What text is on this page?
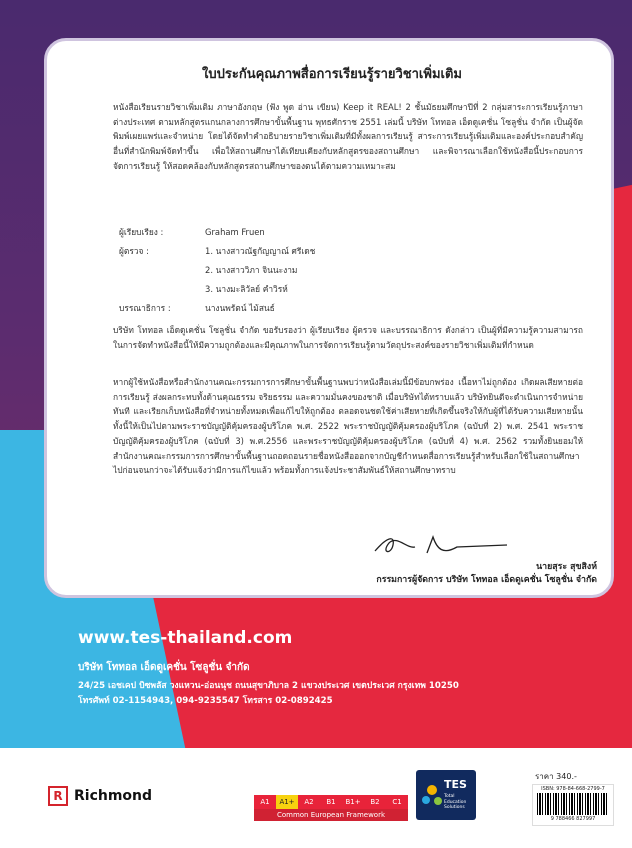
ใบประกันคุณภาพสื่อการเรียนรู้รายวิชาเพิ่มเติม
หนังสือเรียนรายวิชาเพิ่มเติม ภาษาอังกฤษ (ฟัง พูด อ่าน เขียน) Keep it REAL! 2 ชั้นมัธยมศึกษาปีที่ 2 กลุ่มสาระการเรียนรู้ภาษาต่างประเทศ ตามหลักสูตรแกนกลางการศึกษาขั้นพื้นฐาน พุทธศักราช 2551 เล่มนี้ บริษัท โททอล เอ็ดดูเคชั่น โซลูชั่น จำกัด เป็นผู้จัดพิมพ์เผยแพร่และจำหน่าย โดยได้จัดทำคำอธิบายรายวิชาเพิ่มเติมที่มีทั้งผลการเรียนรู้ สาระการเรียนรู้เพิ่มเติมและองค์ประกอบสำคัญอื่นที่สำนักพิมพ์จัดทำขึ้น เพื่อให้สถานศึกษาได้เทียบเคียงกับหลักสูตรของสถานศึกษา และพิจารณาเลือกใช้หนังสือนี้ประกอบการจัดการเรียนรู้ ให้สอดคล้องกับหลักสูตรสถานศึกษาของตนได้ตามความเหมาะสม
ผู้เรียบเรียง :	Graham Fruen
ผู้ตรวจ :	1. นางสาวณัฐกัญญาณ์ ศรีเดช
2. นางสาววิภา จินนะงาม
3. นางมะลิวัลย์ คำวิรห์
บรรณาธิการ :	นางนพรัตน์ ไม้สนธ์
บริษัท โททอล เอ็ดดูเคชั่น โซลูชั่น จำกัด ขอรับรองว่า ผู้เรียบเรียง ผู้ตรวจ และบรรณาธิการ ดังกล่าว เป็นผู้ที่มีความรู้ความสามารถในการจัดทำหนังสือนี้ให้มีความถูกต้องและมีคุณภาพในการจัดการเรียนรู้ตามวัตถุประสงค์ของรายวิชาเพิ่มเติมที่กำหนด
หากผู้ใช้หนังสือหรือสำนักงานคณะกรรมการการศึกษาขั้นพื้นฐานพบว่าหนังสือเล่มนี้มีข้อบกพร่อง เนื้อหาไม่ถูกต้อง เกิดผลเสียหายต่อการเรียนรู้ ส่งผลกระทบทั้งด้านคุณธรรม จริยธรรม และความมั่นคงของชาติ เมื่อบริษัทได้ทราบแล้ว บริษัทยินดีจะดำเนินการจำหน่ายทันที และเรียกเก็บหนังสือที่จำหน่ายทั้งหมดเพื่อแก้ไขให้ถูกต้อง ตลอดจนชดใช้ค่าเสียหายที่เกิดขึ้นจริงให้กับผู้ที่ได้รับความเสียหายนั้น ทั้งนี้ให้เป็นไปตามพระราชบัญญัติคุ้มครองผู้บริโภค พ.ศ. 2522 พระราชบัญญัติคุ้มครองผู้บริโภค (ฉบับที่ 2) พ.ศ. 2541 พระราชบัญญัติคุ้มครองผู้บริโภค (ฉบับที่ 3) พ.ศ.2556 และพระราชบัญญัติคุ้มครองผู้บริโภค (ฉบับที่ 4) พ.ศ. 2562 รวมทั้งยินยอมให้สำนักงานคณะกรรมการการศึกษาขั้นพื้นฐานถอดถอนรายชื่อหนังสือออกจากบัญชีกำหนดสื่อการเรียนรู้สำหรับเลือกใช้ในสถานศึกษาไปก่อนจนกว่าจะได้รับแจ้งว่ามีการแก้ไขแล้ว พร้อมทั้งการแจ้งประชาสัมพันธ์ให้สถานศึกษาทราบ
นายสุระ สุขสิงห์
กรรมการผู้จัดการ บริษัท โททอล เอ็ดดูเคชั่น โซลูชั่น จำกัด
www.tes-thailand.com
บริษัท โททอล เอ็ดดูเคชั่น โซลูชั่น จำกัด
24/25 เอชเคป บิซพลัส วงแหวน-อ่อนนุช ถนนสุขาภิบาล 2 แขวงประเวศ เขตประเวศ กรุงเทพ 10250
โทรศัพท์ 02-1154943, 094-9235547 โทรสาร 02-0892425
R Richmond	A1	A1+	A2	B1	B1+	B2	C1
Common European Framework
TES
Total Education Solutions
ราคา 340.-
ISBN: 978-84-668-2799-7
9 788466 827997
